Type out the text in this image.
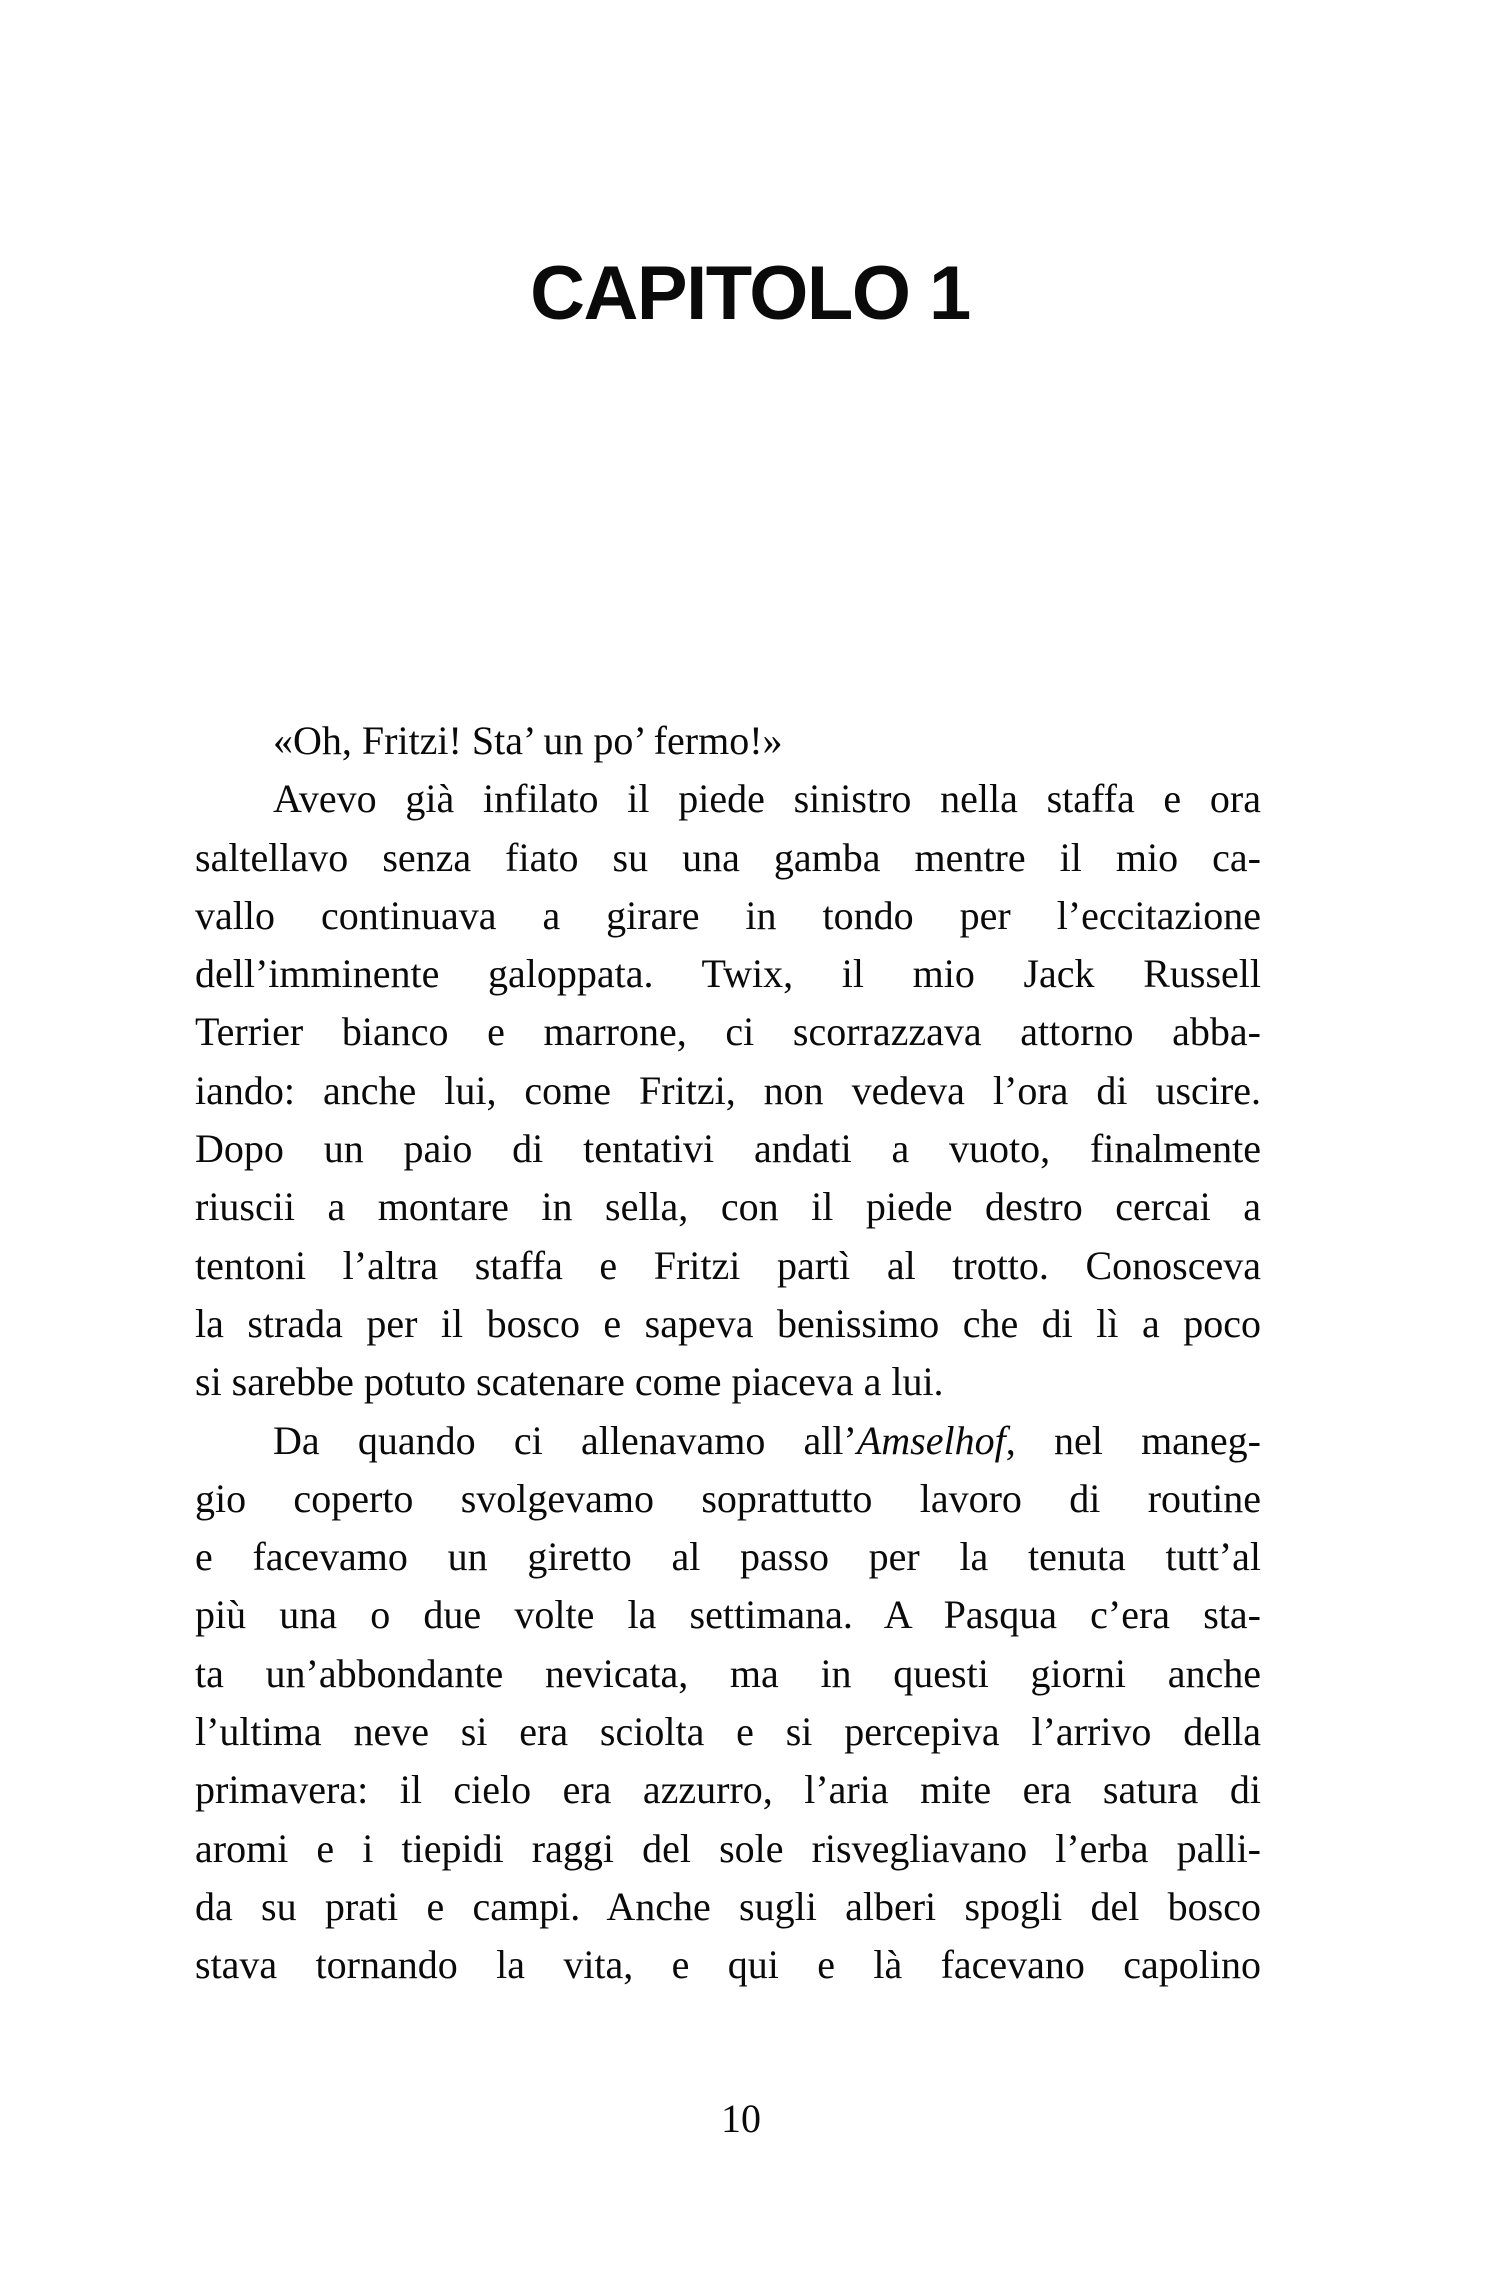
CAPITOLO 1
«Oh, Fritzi! Sta’ un po’ fermo!»
Avevo già infilato il piede sinistro nella staffa e ora
saltellavo senza fiato su una gamba mentre il mio ca-
vallo continuava a girare in tondo per l’eccitazione
dell’imminente galoppata. Twix, il mio Jack Russell
Terrier bianco e marrone, ci scorrazzava attorno abba-
iando: anche lui, come Fritzi, non vedeva l’ora di uscire.
Dopo un paio di tentativi andati a vuoto, finalmente
riuscii a montare in sella, con il piede destro cercai a
tentoni l’altra staffa e Fritzi partì al trotto. Conosceva
la strada per il bosco e sapeva benissimo che di lì a poco
si sarebbe potuto scatenare come piaceva a lui.
Da quando ci allenavamo all’Amselhof, nel maneg-
gio coperto svolgevamo soprattutto lavoro di routine
e facevamo un giretto al passo per la tenuta tutt’al
più una o due volte la settimana. A Pasqua c’era sta-
ta un’abbondante nevicata, ma in questi giorni anche
l’ultima neve si era sciolta e si percepiva l’arrivo della
primavera: il cielo era azzurro, l’aria mite era satura di
aromi e i tiepidi raggi del sole risvegliavano l’erba palli-
da su prati e campi. Anche sugli alberi spogli del bosco
stava tornando la vita, e qui e là facevano capolino
10
